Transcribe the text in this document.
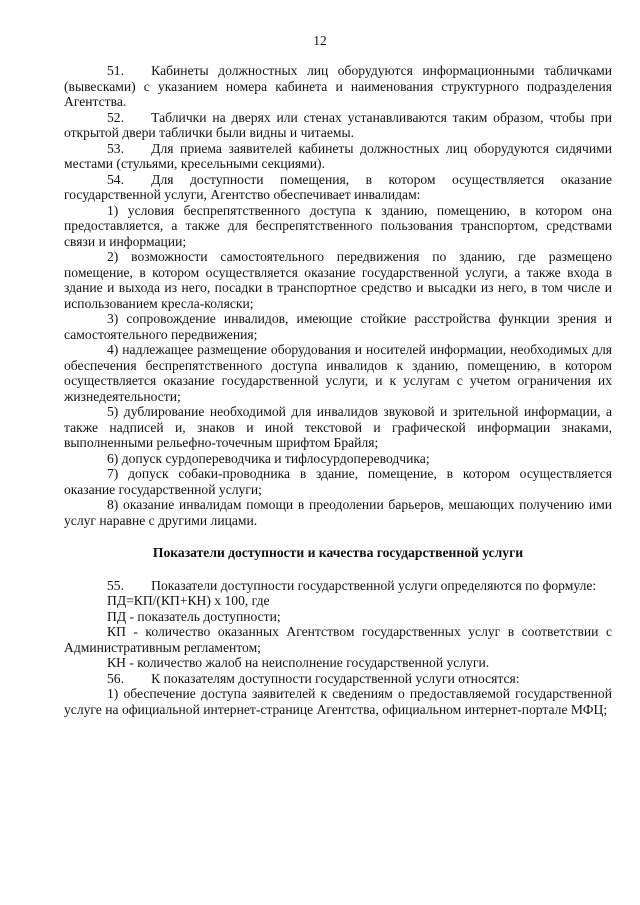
12

51.  Кабинеты должностных лиц оборудуются информационными табличками (вывесками) с указанием номера кабинета и наименования структурного подразделения Агентства.

52.  Таблички на дверях или стенах устанавливаются таким образом, чтобы при открытой двери таблички были видны и читаемы.

53.  Для приема заявителей кабинеты должностных лиц оборудуются сидячими местами (стульями, кресельными секциями).

54.  Для доступности помещения, в котором осуществляется оказание государственной услуги, Агентство обеспечивает инвалидам:

1) условия беспрепятственного доступа к зданию, помещению, в котором она предоставляется, а также для беспрепятственного пользования транспортом, средствами связи и информации;

2) возможности самостоятельного передвижения по зданию, где размещено помещение, в котором осуществляется оказание государственной услуги, а также входа в здание и выхода из него, посадки в транспортное средство и высадки из него, в том числе и использованием кресла-коляски;

3) сопровождение инвалидов, имеющие стойкие расстройства функции зрения и самостоятельного передвижения;

4) надлежащее размещение оборудования и носителей информации, необходимых для обеспечения беспрепятственного доступа инвалидов к зданию, помещению, в котором осуществляется оказание государственной услуги, и к услугам с учетом ограничения их жизнедеятельности;

5) дублирование необходимой для инвалидов звуковой и зрительной информации, а также надписей и, знаков и иной текстовой и графической информации знаками, выполненными рельефно-точечным шрифтом Брайля;

6) допуск сурдопереводчика и тифлосурдопереводчика;

7) допуск собаки-проводника в здание, помещение, в котором осуществляется оказание государственной услуги;

8) оказание инвалидам помощи в преодолении барьеров, мешающих получению ими услуг наравне с другими лицами.

Показатели доступности и качества государственной услуги

55.  Показатели доступности государственной услуги определяются по формуле:

ПД=КП/(КП+КН) х 100, где

ПД - показатель доступности;

КП - количество оказанных Агентством государственных услуг в соответствии с Административным регламентом;

КН - количество жалоб на неисполнение государственной услуги.

56.  К показателям доступности государственной услуги относятся:

1) обеспечение доступа заявителей к сведениям о предоставляемой государственной услуге на официальной интернет-странице Агентства, официальном интернет-портале МФЦ;
